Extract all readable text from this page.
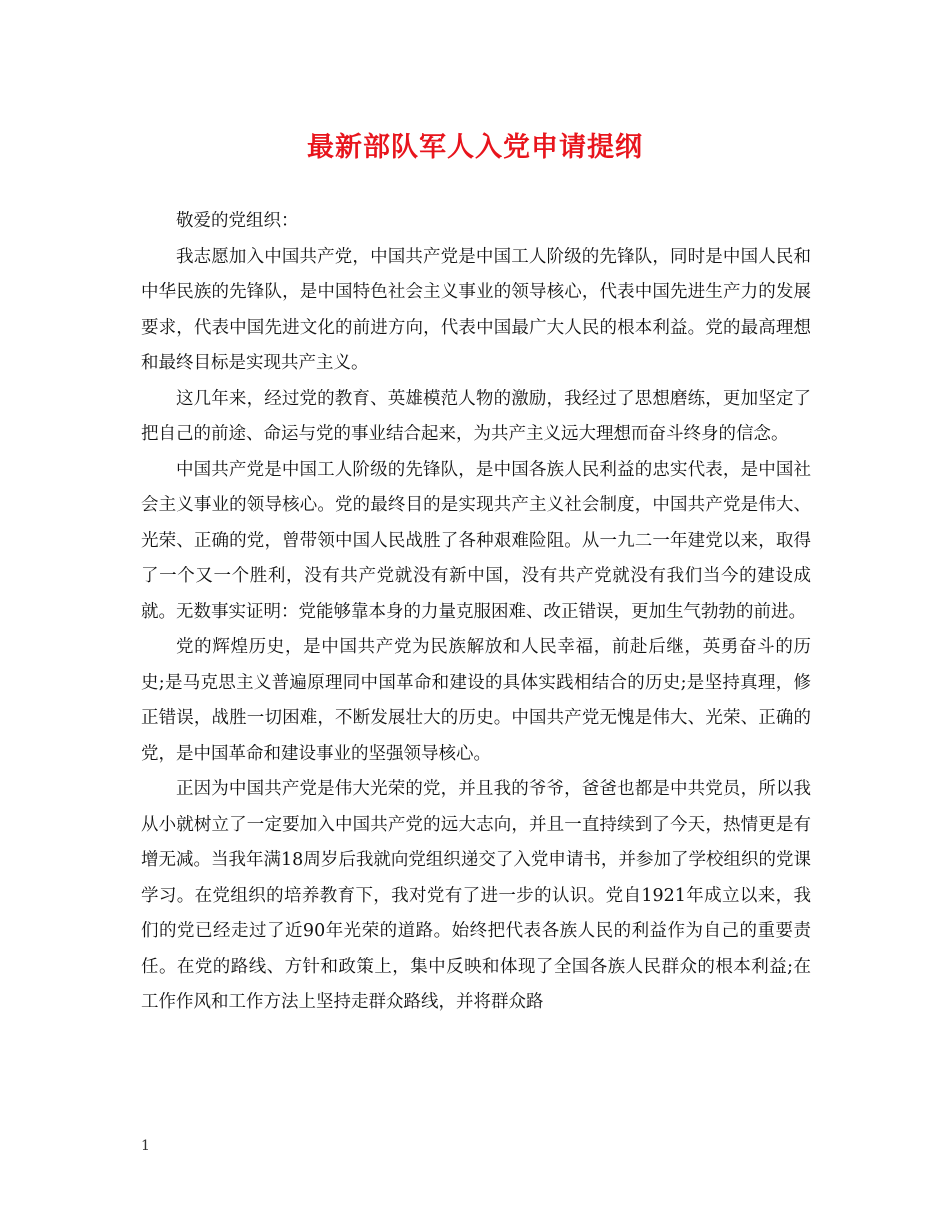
最新部队军人入党申请提纲

敬爱的党组织：

我志愿加入中国共产党，中国共产党是中国工人阶级的先锋队，同时是中国人民和中华民族的先锋队，是中国特色社会主义事业的领导核心，代表中国先进生产力的发展要求，代表中国先进文化的前进方向，代表中国最广大人民的根本利益。党的最高理想和最终目标是实现共产主义。

这几年来，经过党的教育、英雄模范人物的激励，我经过了思想磨练，更加坚定了把自己的前途、命运与党的事业结合起来，为共产主义远大理想而奋斗终身的信念。

中国共产党是中国工人阶级的先锋队，是中国各族人民利益的忠实代表，是中国社会主义事业的领导核心。党的最终目的是实现共产主义社会制度，中国共产党是伟大、光荣、正确的党，曾带领中国人民战胜了各种艰难险阻。从一九二一年建党以来，取得了一个又一个胜利，没有共产党就没有新中国，没有共产党就没有我们当今的建设成就。无数事实证明：党能够靠本身的力量克服困难、改正错误，更加生气勃勃的前进。

党的辉煌历史，是中国共产党为民族解放和人民幸福，前赴后继，英勇奋斗的历史;是马克思主义普遍原理同中国革命和建设的具体实践相结合的历史;是坚持真理，修正错误，战胜一切困难，不断发展壮大的历史。中国共产党无愧是伟大、光荣、正确的党，是中国革命和建设事业的坚强领导核心。

正因为中国共产党是伟大光荣的党，并且我的爷爷，爸爸也都是中共党员，所以我从小就树立了一定要加入中国共产党的远大志向，并且一直持续到了今天，热情更是有增无减。当我年满18周岁后我就向党组织递交了入党申请书，并参加了学校组织的党课学习。在党组织的培养教育下，我对党有了进一步的认识。党自1921年成立以来，我们的党已经走过了近90年光荣的道路。始终把代表各族人民的利益作为自己的重要责任。在党的路线、方针和政策上，集中反映和体现了全国各族人民群众的根本利益;在工作作风和工作方法上坚持走群众路线，并将群众路

1
